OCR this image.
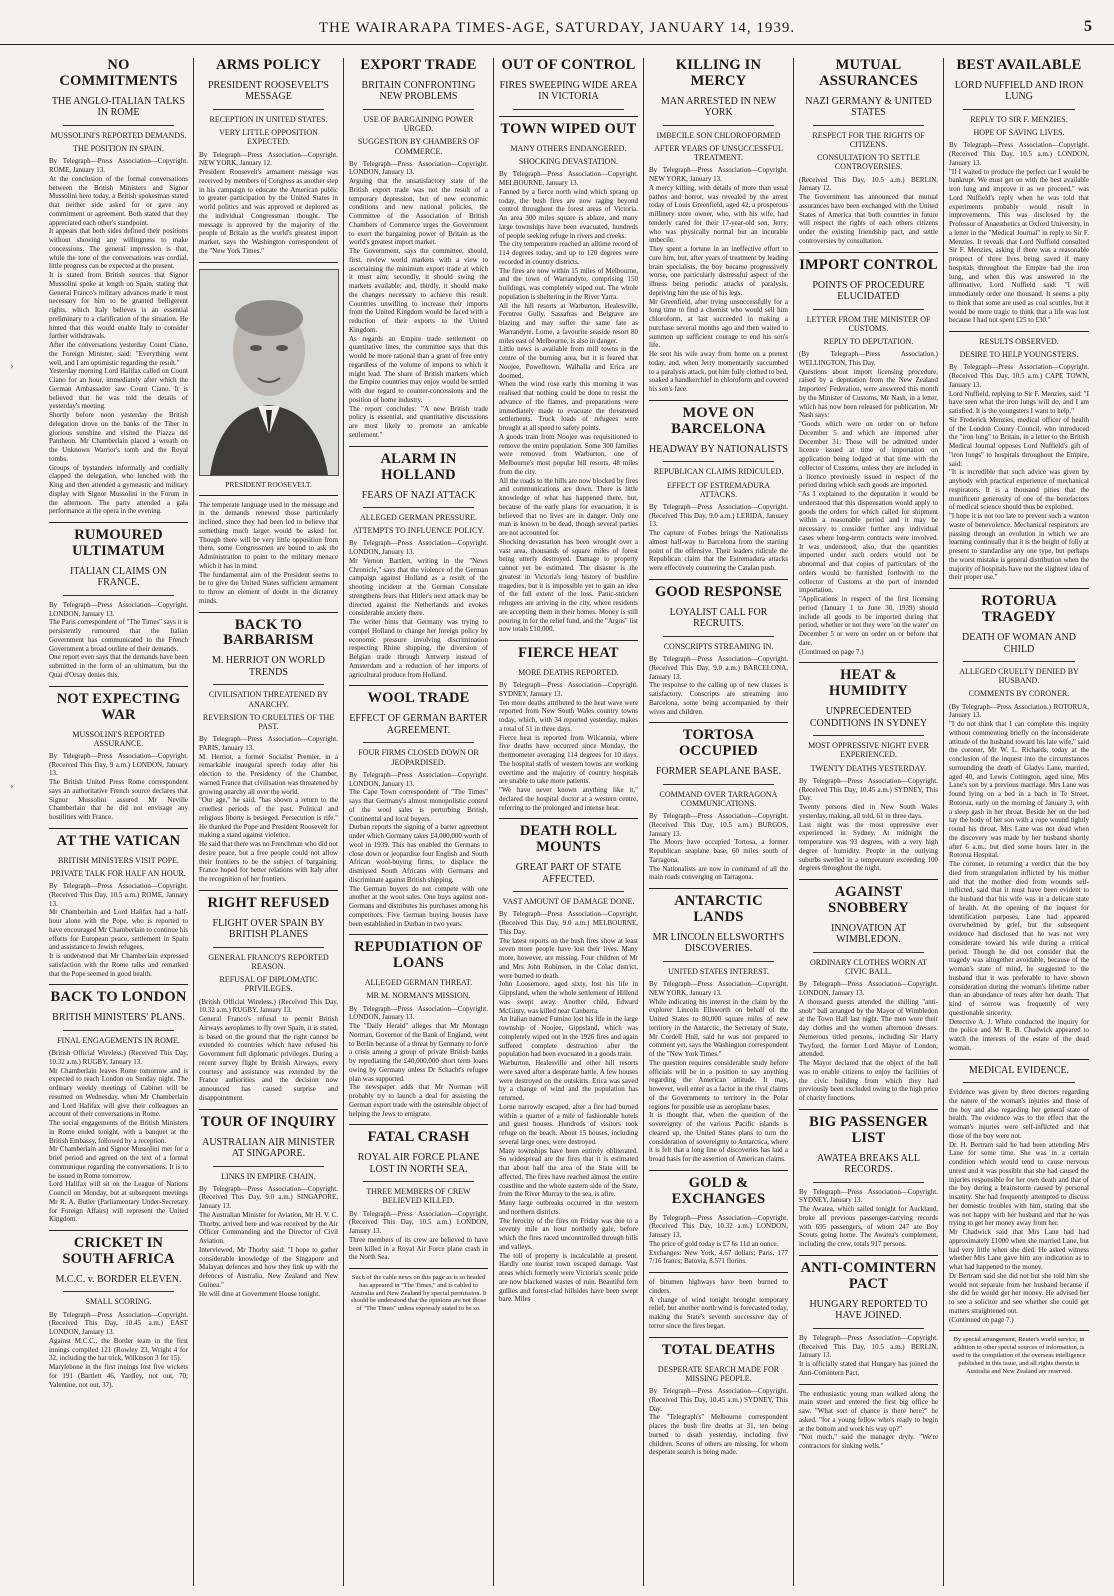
THE WAIRARAPA TIMES-AGE, SATURDAY, JANUARY 14, 1939.	5
›
›
NO COMMITMENTS
THE ANGLO-ITALIAN TALKS IN ROME
MUSSOLINI'S REPORTED DEMANDS.
THE POSITION IN SPAIN.
By Telegraph—Press Association—Copyright. ROME, January 13.
At the conclusion of the formal conversations between the British Ministers and Signor Mussolini here today, a British spokesman stated that neither side asked for or gave any commitment or agreement. Both stated that they appreciated each other's standpoint.
It appears that both sides defined their positions without showing any willingness to make concessions. The general impression is that, while the tone of the conversations was cordial, little progress can be expected at the present.
It is stated from British sources that Signor Mussolini spoke at length on Spain, stating that General Franco's military advances made it most necessary for him to be granted belligerent rights, which Italy believes is an essential preliminary to a clarification of the situation. He hinted that this would enable Italy to consider further withdrawals.
After the conversations yesterday Count Ciano, the Foreign Minister, said: "Everything went well, and I am optimistic regarding the result."
Yesterday morning Lord Halifax called on Count Ciano for an hour, immediately after which the German Ambassador saw Count Ciano. It is believed that he was told the details of yesterday's meeting.
Shortly before noon yesterday the British delegation drove on the banks of the Tiber in glorious sunshine and visited the Piazza del Pantheon. Mr Chamberlain placed a wreath on the Unknown Warrior's tomb and the Royal tombs.
Groups of bystanders informally and cordially clapped the delegation, who lunched with the King and then attended a gymnastic and military display with Signor Mussolini in the Forum in the afternoon. The party attended a gala performance at the opera in the evening.
RUMOURED ULTIMATUM
ITALIAN CLAIMS ON FRANCE.
By Telegraph—Press Association—Copyright. LONDON, January 13.
The Paris correspondent of "The Times" says it is persistently rumoured that the Italian Government has communicated to the French Government a broad outline of their demands.
One report even says that the demands have been submitted in the form of an ultimatum, but the Quai d'Orsay denies this.
NOT EXPECTING WAR
MUSSOLINI'S REPORTED ASSURANCE.
By Telegraph—Press Association—Copyright. (Received This Day, 9 a.m.) LONDON, January 13.
The British United Press Rome correspondent says an authoritative French source declares that Signor Mussolini assured Mr Neville Chamberlain that he did not envisage any hostilities with France.
AT THE VATICAN
BRITISH MINISTERS VISIT POPE.
PRIVATE TALK FOR HALF AN HOUR.
By Telegraph—Press Association—Copyright. (Received This Day, 10.5 a.m.) ROME, January 13.
Mr Chamberlain and Lord Halifax had a half-hour alone with the Pope, who is reported to have encouraged Mr Chamberlain to continue his efforts for European peace, settlement in Spain and assistance to Jewish refugees.
It is understood that Mr Chamberlain expressed satisfaction with the Rome talks and remarked that the Pope seemed in good health.
BACK TO LONDON
BRITISH MINISTERS' PLANS.
FINAL ENGAGEMENTS IN ROME.
(British Official Wireless.) (Received This Day, 10.32 a.m.) RUGBY, January 13.
Mr Chamberlain leaves Rome tomorrow and is expected to reach London on Sunday night. The ordinary weekly meetings of Cabinet will be resumed on Wednesday, when Mr Chamberlain and Lord Halifax will give their colleagues an account of their conversations in Rome.
The social engagements of the British Ministers in Rome ended tonight, with a banquet at the British Embassy, followed by a reception.
Mr Chamberlain and Signor Mussolini met for a brief period and agreed on the text of a formal communique regarding the conversations. It is to be issued in Rome tomorrow.
Lord Halifax will sit on the League of Nations Council on Monday, but at subsequent meetings Mr R. A. Butler (Parliamentary Under-Secretary for Foreign Affairs) will represent the United Kingdom.
CRICKET IN SOUTH AFRICA
M.C.C. v. BORDER ELEVEN.
SMALL SCORING.
By Telegraph—Press Association—Copyright. (Received This Day, 10.45 a.m.) EAST LONDON, January 13.
Against M.C.C., the Border team in the first innings compiled 121 (Rowley 23, Wright 4 for 32, including the hat trick, Wilkinson 3 for 15).
Marylebone in the first innings lost five wickets for 191 (Bartlett 46, Yardley, not out, 70; Valentine, not out, 37).
ARMS POLICY
PRESIDENT ROOSEVELT'S MESSAGE
RECEPTION IN UNITED STATES.
VERY LITTLE OPPOSITION EXPECTED.
By Telegraph—Press Association—Copyright. NEW YORK, January 12.
President Roosevelt's armament message was received by members of Congress as another step in his campaign to educate the American public to greater participation by the United States in world politics and was approved or deplored as the individual Congressman thought. The message is approved by the majority of the people of Britain as the world's greatest import market, says the Washington correspondent of the "New York Times."
PRESIDENT ROOSEVELT.
The temperate language used in the message and in the demands renewed those particularly inclined, since they had been led to believe that something much larger would be asked for. Though there will be very little opposition from them, some Congressmen are bound to ask the Administration to point to the military menace which it has in mind.
The fundamental aim of the President seems to be to give the United States sufficient armament to throw an element of doubt in the dictatory minds.
BACK TO BARBARISM
M. HERRIOT ON WORLD TRENDS
CIVILISATION THREATENED BY ANARCHY.
REVERSION TO CRUELTIES OF THE PAST.
By Telegraph—Press Association—Copyright. PARIS, January 13.
M. Herriot, a former Socialist Premier, in a remarkable inaugural speech today after his election to the Presidency of the Chamber, warned France that civilisation was threatened by growing anarchy all over the world.
"Our age," he said, "has shown a return to the cruellest periods of the past. Political and religious liberty is besieged. Persecution is rife." He thanked the Pope and President Roosevelt for making a stand against violence.
He said that there was no Frenchman who did not desire peace, but a free people could not allow their frontiers to be the subject of bargaining. France hoped for better relations with Italy after the recognition of her frontiers.
RIGHT REFUSED
FLIGHT OVER SPAIN BY BRITISH PLANES
GENERAL FRANCO'S REPORTED REASON.
REFUSAL OF DIPLOMATIC PRIVILEGES.
(British Official Wireless.) (Received This Day, 10.32 a.m.) RUGBY, January 13.
General Franco's refusal to permit British Airways aeroplanes to fly over Spain, it is stated, is based on the ground that the right cannot be extended to countries which have refused his Government full diplomatic privileges. During a recent survey flight by British Airways, every courtesy and assistance was extended by the France authorities and the decision now announced has caused surprise and disappointment.
TOUR OF INQUIRY
AUSTRALIAN AIR MINISTER AT SINGAPORE.
LINKS IN EMPIRE CHAIN.
By Telegraph—Press Association—Copyright. (Received This Day, 9.0 a.m.) SINGAPORE, January 13.
The Australian Minister for Aviation, Mr H. V. C. Thorby, arrived here and was received by the Air Officer Commanding and the Director of Civil Aviation.
Interviewed, Mr Thorby said: "I hope to gather considerable knowledge of the Singapore and Malayan defences and how they link up with the defences of Australia, New Zealand and New Guinea."
He will dine at Government House tonight.
EXPORT TRADE
BRITAIN CONFRONTING NEW PROBLEMS
USE OF BARGAINING POWER URGED.
SUGGESTION BY CHAMBERS OF COMMERCE.
By Telegraph—Press Association—Copyright. LONDON, January 13.
Arguing that the unsatisfactory state of the British export trade was not the result of a temporary depression, but of new economic conditions and new national policies, the Committee of the Association of British Chambers of Commerce urges the Government to exert the bargaining power of Britain as the world's greatest import market.
The Government, says the committee, should, first, review world markets with a view to ascertaining the minimum export trade at which it must aim; secondly, it should swing the markets available; and, thirdly, it should make the changes necessary to achieve this result. Countries unwilling to increase their imports from the United Kingdom would be faced with a reduction of their exports to the United Kingdom.
As regards an Empire trade settlement on quantitative lines, the committee says that this would be more rational than a grant of free entry regardless of the volume of imports to which it might lead. The share of British markets which the Empire countries may enjoy would be settled with due regard to counter-concessions and the position of home industry.
The report concludes: "A new British trade policy is essential, and quantitative discussions are most likely to promote an amicable settlement."
ALARM IN HOLLAND
FEARS OF NAZI ATTACK
ALLEGED GERMAN PRESSURE.
ATTEMPTS TO INFLUENCE POLICY.
By Telegraph—Press Association—Copyright. LONDON, January 13.
Mr Vernon Bartlett, writing in the "News Chronicle," says that the violence of the German campaign against Holland as a result of the shooting incident at the German Consulate strengthens fears that Hitler's next attack may be directed against the Netherlands and evokes considerable anxiety there.
The writer hints that Germany was trying to compel Holland to change her foreign policy by economic pressure involving discrimination respecting Rhine shipping, the diversion of Belgian trade through Antwerp instead of Amsterdam and a reduction of her imports of agricultural produce from Holland.
WOOL TRADE
EFFECT OF GERMAN BARTER AGREEMENT.
FOUR FIRMS CLOSED DOWN OR JEOPARDISED.
By Telegraph—Press Association—Copyright. LONDON, January 13.
The Cape Town correspondent of "The Times" says that Germany's almost monopolistic control of the wool sales is perturbing British, Continental and local buyers.
Durban reports the signing of a barter agreement under which Germany takes £4,000,000 worth of wool in 1939. This has enabled the Germans to close down or jeopardise four English and South African wool-buying firms, to displace the dismissed South Africans with Germans and discriminate against British shipping.
The German buyers do not compete with one another at the wool sales. One buys against non-Germans and distributes his purchases among his competitors. Five German buying houses have been established in Durban in two years.
REPUDIATION OF LOANS
ALLEGED GERMAN THREAT.
MR M. NORMAN'S MISSION.
By Telegraph—Press Association—Copyright. LONDON, January 13.
The "Daily Herald" alleges that Mr Montagu Norman, Governor of the Bank of England, went to Berlin because of a threat by Germany to force a crisis among a group of private British banks by repudiating the £40,000,000 short term loans owing by Germany unless Dr Schacht's refugee plan was supported.
The newspaper adds that Mr Norman will probably try to launch a deal for assisting the German export trade with the ostensible object of helping the Jews to emigrate.
FATAL CRASH
ROYAL AIR FORCE PLANE LOST IN NORTH SEA.
THREE MEMBERS OF CREW BELIEVED KILLED.
By Telegraph—Press Association—Copyright. (Received This Day, 10.5 a.m.) LONDON, January 13.
Three members of its crew are believed to have been killed in a Royal Air Force plane crash in the North Sea.
Such of the cable news on this page as is so headed has appeared in "The Times," and is cabled to Australia and New Zealand by special permission. It should be understood that the opinions are not those of "The Times" unless expressly stated to be so.
OUT OF CONTROL
FIRES SWEEPING WIDE AREA IN VICTORIA
TOWN WIPED OUT
MANY OTHERS ENDANGERED.
SHOCKING DEVASTATION.
By Telegraph—Press Association—Copyright. MELBOURNE, January 13.
Fanned by a fierce north wind which sprang up today, the bush fires are now raging beyond control throughout the forest areas of Victoria. An area 300 miles square is ablaze, and many large townships have been evacuated, hundreds of people seeking refuge in rivers and creeks.
The city temperature reached an alltime record of 114 degrees today, and up to 120 degrees were recorded in country districts.
The fires are now within 15 miles of Melbourne, and the town of Warrandyte, comprising 150 buildings, was completely wiped out. The whole population is sheltering in the River Yarra.
All the hill resorts at Warburton, Healesville, Ferntree Gully, Sassafras and Belgrave are blazing and may suffer the same fate as Warrandyte. Lorne, a favourite seaside resort 80 miles east of Melbourne, is also in danger.
Little news is available from mill towns in the centre of the burning area, but it is feared that Noojee, Powelltown, Walhalla and Erica are doomed.
When the wind rose early this morning it was realised that nothing could be done to resist the advance of the flames, and preparations were immediately made to evacuate the threatened settlements. Truck loads of refugees were brought at all speed to safety points.
A goods train from Noojee was requisitioned to remove the entire population. Some 300 families were removed from Warburton, one of Melbourne's most popular hill resorts, 48 miles from the city.
All the roads to the hills are now blocked by fires and communications are down. There is little knowledge of what has happened there, but, because of the early plans for evacuation, it is believed that no lives are in danger. Only one man is known to be dead, though several parties are not accounted for.
Shocking devastation has been wrought over a vast area, thousands of square miles of forest being utterly destroyed. Damage to property cannot yet be estimated. The disaster is the greatest in Victoria's long history of bushfire tragedies, but it is impossible yet to gain an idea of the full extent of the loss. Panic-stricken refugees are arriving in the city, where residents are accepting them in their homes. Money is still pouring in for the relief fund, and the "Argus" list now totals £10,000.
FIERCE HEAT
MORE DEATHS REPORTED.
By Telegraph—Press Association—Copyright. SYDNEY, January 13.
Ten more deaths attributed to the heat wave were reported from New South Wales country towns today, which, with 34 reported yesterday, makes a total of 51 in three days.
Fierce heat is reported from Wilcannia, where five deaths have occurred since Monday, the thermometer averaging 114 degrees for 10 days. The hospital staffs of western towns are working overtime and the majority of country hospitals are unable to take more patients.
"We have never known anything like it," declared the hospital doctor at a western centre, referring to the prolonged and intense heat.
DEATH ROLL MOUNTS
GREAT PART OF STATE AFFECTED.
VAST AMOUNT OF DAMAGE DONE.
By Telegraph—Press Association—Copyright. (Received This Day, 9.0 a.m.) MELBOURNE, This Day.
The latest reports on the bush fires show at least seven more people have lost their lives. Many more, however, are missing. Four children of Mr and Mrs John Robinson, in the Colac district, were burned to death.
John Loosemore, aged sixty, lost his life in Gippsland, when the whole settlement of Hillend was swept away. Another child, Edward McGinty, was killed near Canberra.
An Italian named Fumino lost his life in the large township of Noojee, Gippsland, which was completely wiped out in the 1926 fires and again suffered complete destruction after the population had been evacuated in a goods train.
Warburton, Healesville and other hill resorts were saved after a desperate battle. A few houses were destroyed on the outskirts. Erica was saved by a change of wind and the population has returned.
Lorne narrowly escaped, after a fire had burned within a quarter of a mile of fashionable hotels and guest houses. Hundreds of visitors took refuge on the beach. About 15 houses, including several large ones, were destroyed.
Many townships have been entirely obliterated. So widespread are the fires that it is estimated that about half the area of the State will be affected. The fires have reached almost the entire coastline and the whole eastern side of the State, from the River Murray to the sea, is afire.
Many large outbreaks occurred in the western and northern districts.
The ferocity of the fires on Friday was due to a seventy mile an hour northerly gale, before which the fires raced unconntrolled through hills and valleys.
The toll of property is incalculable at present. Hardly one tourist town escaped damage. Vast areas which formerly were Victoria's scenic pride are now blackened wastes of ruin. Beautiful fern gullies and forest-clad hillsides have been swept bare. Miles
KILLING IN MERCY
MAN ARRESTED IN NEW YORK
IMBECILE SON CHLOROFORMED
AFTER YEARS OF UNSUCCESSFUL TREATMENT.
By Telegraph—Press Association—Copyright. NEW YORK, January 13.
A mercy killing, with details of more than usual pathos and horror, was revealed by the arrest today of Louis Greenfield, aged 42, a prosperous millinery store owner, who, with his wife, had tenderly cared for their 17-year-old son, Jerry, who was physically normal but an incurable imbecile.
They spent a fortune in an ineffective effort to cure him, but, after years of treatment by leading brain specialists, the boy became progressively worse, one particularly distressful aspect of the illness being periodic attacks of paralysis, depriving him the use of his legs.
Mr Greenfield, after trying unsuccessfully for a long time to find a chemist who would sell him chloroform, at last succeeded in making a purchase several months ago and then waited to summon up sufficient courage to end his son's life.
He sent his wife away from home on a pretext today, and, when Jerry momentarily succumbed to a paralysis attack, put him fully clothed to bed, soaked a handkerchief in chloroform and covered his son's face.
MOVE ON BARCELONA
HEADWAY BY NATIONALISTS
REPUBLICAN CLAIMS RIDICULED.
EFFECT OF ESTREMADURA ATTACKS.
By Telegraph—Press Association—Copyright. (Received This Day, 9.0 a.m.) LERIDA, January 13.
The capture of Forbes brings the Nationalists almost half-way to Barcelona from the starting point of the offensive. Their leaders ridicule the Republican claim that the Estremadura attacks were effectively countering the Catalan push.
GOOD RESPONSE
LOYALIST CALL FOR RECRUITS.
CONSCRIPTS STREAMING IN.
By Telegraph—Press Association—Copyright. (Received This Day, 9.0 a.m.) BARCELONA, January 13.
The response to the calling up of new classes is satisfactory. Conscripts are streaming into Barcelona, some being accompanied by their wives and children.
TORTOSA OCCUPIED
FORMER SEAPLANE BASE.
COMMAND OVER TARRAGONA COMMUNICATIONS.
By Telegraph—Press Association—Copyright. (Received This Day, 10.5 a.m.) BURGOS, January 13.
The Moors have occupied Tortosa, a former Republican seaplane base, 60 miles south of Tarragona.
The Nationalists are now in command of all the main roads converging on Tarragona.
ANTARCTIC LANDS
MR LINCOLN ELLSWORTH'S DISCOVERIES.
UNITED STATES INTEREST.
By Telegraph—Press Association—Copyright. NEW YORK, January 13.
While indicating his interest in the claim by the explorer Lincoln Ellsworth on behalf of the United States to 80,000 square miles of new territory in the Antarctic, the Secretary of State, Mr Cordell Hull, said he was not prepared to comment yet, says the Washington correspondent of the "New York Times."
The question requires considerable study before officials will be in a position to say anything regarding the American attitude. It may, however, well enter as a factor in the rival claims of the Governments to territory in the Polar regions for possible use as aeroplane bases.
It is thought that, when the question of the sovereignty of the various Pacific islands is cleared up, the United States plans to turn the consideration of sovereignty to Antarctica, where it is felt that a long line of discoveries has laid a broad basis for the assertion of American claims.
GOLD & EXCHANGES
By Telegraph—Press Association—Copyright. (Received This Day, 10.32 a.m.) LONDON, January 13.
The price of gold today is £7 6s 11d an ounce.
Exchanges: New York, 4.67 dollars; Paris, 177 7/16 francs; Batovia, 8.571 florins.
of bitumen highways have been burned to cinders.
A change of wind tonight brought temporary relief, but another north wind is forecasted today, making the State's seventh successive day of terror since the fires began.
TOTAL DEATHS
DESPERATE SEARCH MADE FOR MISSING PEOPLE.
By Telegraph—Press Association—Copyright. (Received This Day, 10.45 a.m.) SYDNEY, This Day.
The "Telegraph's" Melbourne correspondent places the bush fire deaths at 31, ten being burned to death yesterday, including five children. Scores of others are missing, for whom desperate search is being made.
MUTUAL ASSURANCES
NAZI GERMANY & UNITED STATES
RESPECT FOR THE RIGHTS OF CITIZENS.
CONSULTATION TO SETTLE CONTROVERSIES.
(Received This Day, 10.5 a.m.) BERLIN, January 12.
The Government has announced that mutual assurances have been exchanged with the United States of America that both countries in future will respect the rights of each others citizens under the existing friendship pact, and settle controversies by consultation.
IMPORT CONTROL
POINTS OF PROCEDURE ELUCIDATED
LETTER FROM THE MINISTER OF CUSTOMS.
REPLY TO DEPUTATION.
(By Telegraph—Press Association.) WELLINGTON, This Day.
Questions about import licensing procedure, raised by a deputation from the New Zealand Importers' Federation, were answered this month by the Minister of Customs, Mr Nash, in a letter, which has now been released for publication. Mr Nash says:
"Goods which were on order on or before December 5 and which are imported after December 31: These will be admitted under licence issued at time of importation on application being lodged at that time with the collector of Customs, unless they are included in a licence previously issued in respect of the period during which such goods are imported.
"As I explained to the deputation it would be understood that this dispensation would apply to goods the orders for which called for shipment within a reasonable period and it may be necessary to consider further any individual cases where long-term contracts were involved. It was understood, also, that the quantities imported under such orders would not be abnormal and that copies of particulars of the orders would be furnished forthwith to the collector of Customs at the port of intended importation.
"Applications in respect of the first licensing period (January 1 to June 30, 1939) should include all goods to be imported during that period, whether or not they were 'on the water' on December 5 or were on order on or before that date.
(Continued on page 7.)
HEAT & HUMIDITY
UNPRECEDENTED CONDITIONS IN SYDNEY
MOST OPPRESSIVE NIGHT EVER EXPERIENCED.
TWENTY DEATHS YESTERDAY.
By Telegraph—Press Association—Copyright. (Received This Day, 10.45 a.m.) SYDNEY, This Day.
Twenty persons died in New South Wales yesterday, making, all told, 61 in three days.
Last night was the most oppressive ever experienced in Sydney. At midnight the temperature was 93 degrees, with a very high degree of humidity. People in the outlying suburbs swelled in a temperature exceeding 100 degrees throughout the night.
AGAINST SNOBBERY
INNOVATION AT WIMBLEDON.
ORDINARY CLOTHES WORN AT CIVIC BALL.
By Telegraph—Press Association—Copyright. LONDON, January 13.
A thousand guests attended the shilling "anti-snob" ball arranged by the Mayor of Wimbledon at the Town Hall last night. The men wore their day clothes and the women afternoon dresses. Numerous titled persons, including Sir Harry Twyford, the former Lord Mayor of London, attended.
The Mayor declared that the object of the ball was to enable citizens to enjoy the facilities of the civic building from which they had previously been excluded owing to the high price of charity functions.
BIG PASSENGER LIST
AWATEA BREAKS ALL RECORDS.
By Telegraph—Press Association—Copyright. SYDNEY, January 13.
The Awatea, which sailed tonight for Auckland, broke all previous passenger-carrying records with 695 passengers, of whom 247 are Boy Scouts going home. The Awatea's complement, including the crew, totals 917 persons.
ANTI-COMINTERN PACT
HUNGARY REPORTED TO HAVE JOINED.
By Telegraph—Press Association—Copyright. (Received This Day, 10.5 a.m.) BERLIN, January 13.
It is officially stated that Hungary has joined the Anti-Comintern Pact.
The enthusiastic young man walked along the main street and entered the first big office he saw. "What sort of chance is there here?" he asked. "for a young fellow who's ready to begin at the bottom and work his way up?"
"Not much," said the manager dryly. "We're contractors for sinking wells."
BEST AVAILABLE
LORD NUFFIELD AND IRON LUNG
REPLY TO SIR F. MENZIES.
HOPE OF SAVING LIVES.
By Telegraph—Press Association—Copyright. (Received This Day, 10.5 a.m.) LONDON, January 13.
"If I waited to produce the perfect car I would be bankrupt. We must get on with the best available iron lung and improve it as we proceed," was Lord Nuffield's reply when he was told that experiments probably would result in improvements. This was disclosed by the Professor of Anaesthetics at Oxford University, in a letter in the "Medical Journal" in reply to Sir F. Menzies. It reveals that Lord Nuffield consulted Sir F. Menzies, asking if there was a reasonable prospect of three lives being saved if many hospitals throughout the Empire had the iron lung, and when this was answered in the affirmative, Lord Nuffield said: "I will immediately order one thousand. It seems a pity to think that some are used as coal scuttles, but it would be more tragic to think that a life was lost because I had not spent £25 to £30."
RESULTS OBSERVED.
DESIRE TO HELP YOUNGSTERS.
By Telegraph—Press Association—Copyright. (Received This Day, 10.5 a.m.) CAPE TOWN, January 13.
Lord Nuffield, replying to Sir F. Menzies, said: "I have seen what the iron lungs will do, and I am satisfied. It is the youngsters I want to help."
Sir Frederick Menzies, medical officer of health of the London County Council, who introduced the "iron lung" to Britain, in a letter to the British Medical Journal opposes Lord Nuffield's gift of "iron lungs" to hospitals throughout the Empire, said:
"It is incredible that such advice was given by anybody with practical experience of mechanical respirators. It is a thousand pities that the munificent generosity of one of the benefactors of medical science should thus be exploited.
"I hope it is not too late to prevent such a wanton waste of benevolence. Mechanical respirators are passing through an evolution in which we are learning continually that it is the height of folly at present to standardise any one type, but perhaps the worst mistake is general distribution when the majority of hospitals have not the slightest idea of their proper use."
ROTORUA TRAGEDY
DEATH OF WOMAN AND CHILD
ALLEGED CRUELTY DENIED BY HUSBAND.
COMMENTS BY CORONER.
(By Telegraph—Press Association.) ROTORUA, January 13.
"I do not think that I can complete this inquiry without commenting briefly on the inconsiderate attitude of the husband toward his late wife," said the coroner, Mr W. L. Richards, today at the conclusion of the inquest into the circumstances surrounding the death of Gladys Lane, married, aged 40, and Lewis Cottington, aged nine, Mrs Lane's son by a previous marriage. Mrs Lane was found lying on a bed in a bach in Te Street, Rotorua, early on the morning of January 3, with a sleep gash in her throat. Beside her on the bed lay the body of her son with a rope wound tightly round his throat. Mrs Lane was not dead when the discovery was made by her husband shortly after 6 a.m., but died some hours later in the Rotorua Hospital.
The coroner, in returning a verdict that the boy died from strangulation inflicted by his mother and that the mother died from wounds self-inflicted, said that it must have been evident to the husband that his wife was in a delicate state of health. At the opening of the inquest for identification purposes, Lane had appeared overwhelmed by grief, but the subsequent evidence had disclosed that he was not very considerate toward his wife during a critical period. Though he did not consider that the tragedy was altogether avoidable, because of the woman's state of mind, he suggested to the husband that it was preferable to have shown consideration during the woman's lifetime rather than an abundance of tears after her death. That kind of sorrow was frequently of very questionable sincerity.
Detective A. J. White conducted the inquiry for the police and Mr R. B. Chadwick appeared to watch the interests of the estate of the dead woman.
MEDICAL EVIDENCE.
Evidence was given by three doctors regarding the nature of the woman's injuries and those of the boy and also regarding her general state of health. The evidence was to the effect that the woman's injuries were self-inflicted and that those of the boy were not.
Dr. H. Bertram said he had been attending Mrs Lane for some time. She was in a certain condition which would tend to cause nervous unrest and it was possible that she had caused the injuries responsible for her own death and that of the boy during a brainstorm caused by personal insanity. She had frequently attempted to discuss her domestic troubles with him, stating that she was not happy with her husband and that he was trying to get her money away from her.
Mr Chadwick said that Mrs Lane had had approximately £1000 when she married Lane, but had very little when she died. He asked witness whether Mrs Lane gave him any indication as to what had happened to the money.
Dr Bertram said she did not but she told him she would not separate from her husband because if she did he would get her money. He advised her to see a solicitor and see whether she could get matters straightened out.
(Continued on page 7.)
By special arrangement, Reuter's world service, in addition to other special sources of information, is used in the compilation of the overseas intelligence published in this issue, and all rights therein in Australia and New Zealand are reserved.
